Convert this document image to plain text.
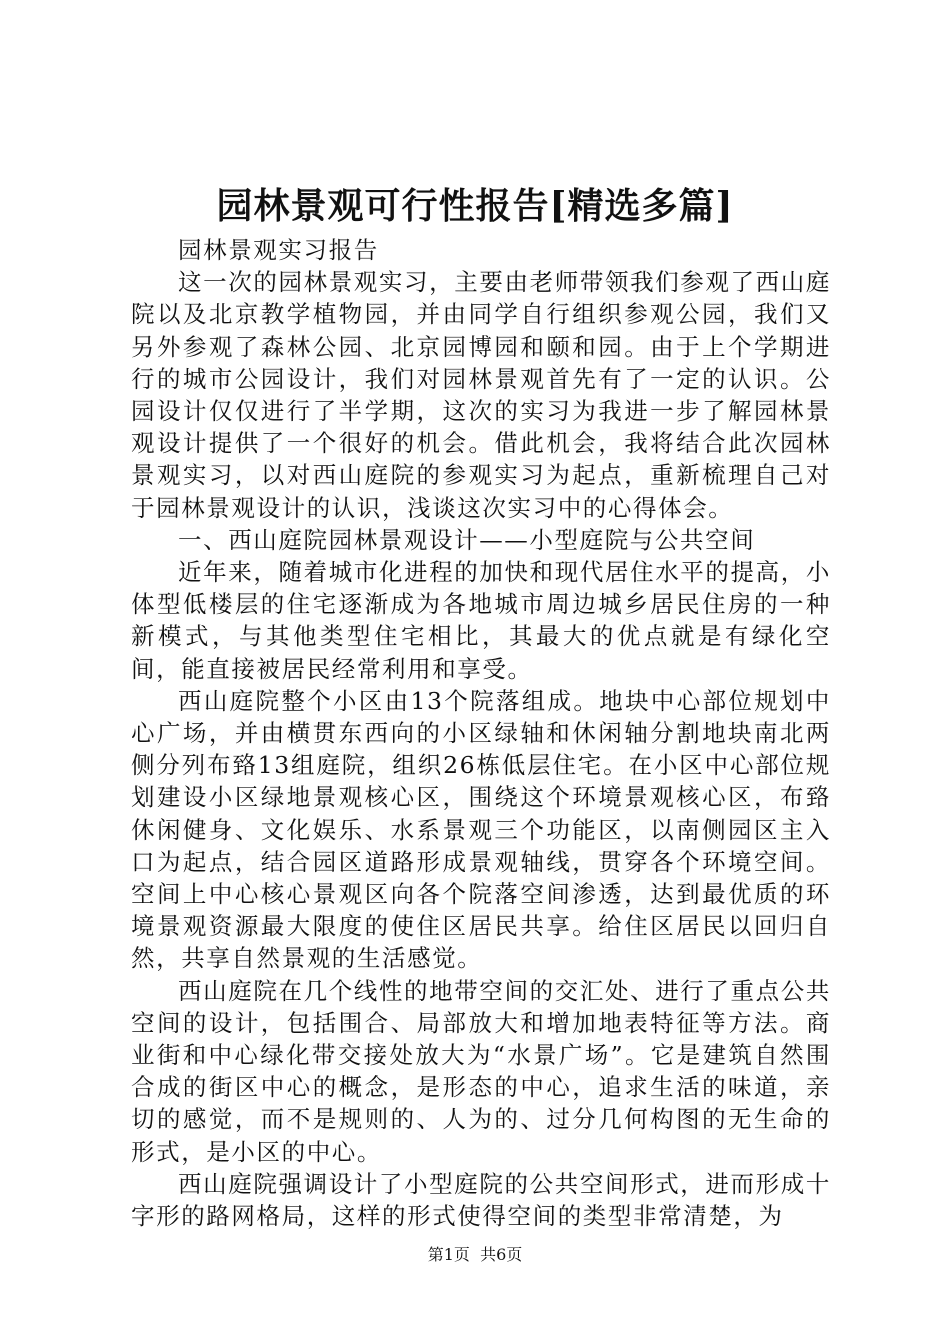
园林景观可行性报告[精选多篇]

园林景观实习报告

这一次的园林景观实习，主要由老师带领我们参观了西山庭院以及北京教学植物园，并由同学自行组织参观公园，我们又另外参观了森林公园、北京园博园和颐和园。由于上个学期进行的城市公园设计，我们对园林景观首先有了一定的认识。公园设计仅仅进行了半学期，这次的实习为我进一步了解园林景观设计提供了一个很好的机会。借此机会，我将结合此次园林景观实习，以对西山庭院的参观实习为起点，重新梳理自己对于园林景观设计的认识，浅谈这次实习中的心得体会。

一、西山庭院园林景观设计——小型庭院与公共空间

近年来，随着城市化进程的加快和现代居住水平的提高，小体型低楼层的住宅逐渐成为各地城市周边城乡居民住房的一种新模式，与其他类型住宅相比，其最大的优点就是有绿化空间，能直接被居民经常利用和享受。

西山庭院整个小区由13个院落组成。地块中心部位规划中心广场，并由横贯东西向的小区绿轴和休闲轴分割地块南北两侧分列布臵13组庭院，组织26栋低层住宅。在小区中心部位规划建设小区绿地景观核心区，围绕这个环境景观核心区，布臵休闲健身、文化娱乐、水系景观三个功能区，以南侧园区主入口为起点，结合园区道路形成景观轴线，贯穿各个环境空间。空间上中心核心景观区向各个院落空间渗透，达到最优质的环境景观资源最大限度的使住区居民共享。给住区居民以回归自然，共享自然景观的生活感觉。

西山庭院在几个线性的地带空间的交汇处、进行了重点公共空间的设计，包括围合、局部放大和增加地表特征等方法。商业街和中心绿化带交接处放大为“水景广场”。它是建筑自然围合成的街区中心的概念，是形态的中心，追求生活的味道，亲切的感觉，而不是规则的、人为的、过分几何构图的无生命的形式，是小区的中心。

西山庭院强调设计了小型庭院的公共空间形式，进而形成十字形的路网格局，这样的形式使得空间的类型非常清楚，为

第1页  共6页
